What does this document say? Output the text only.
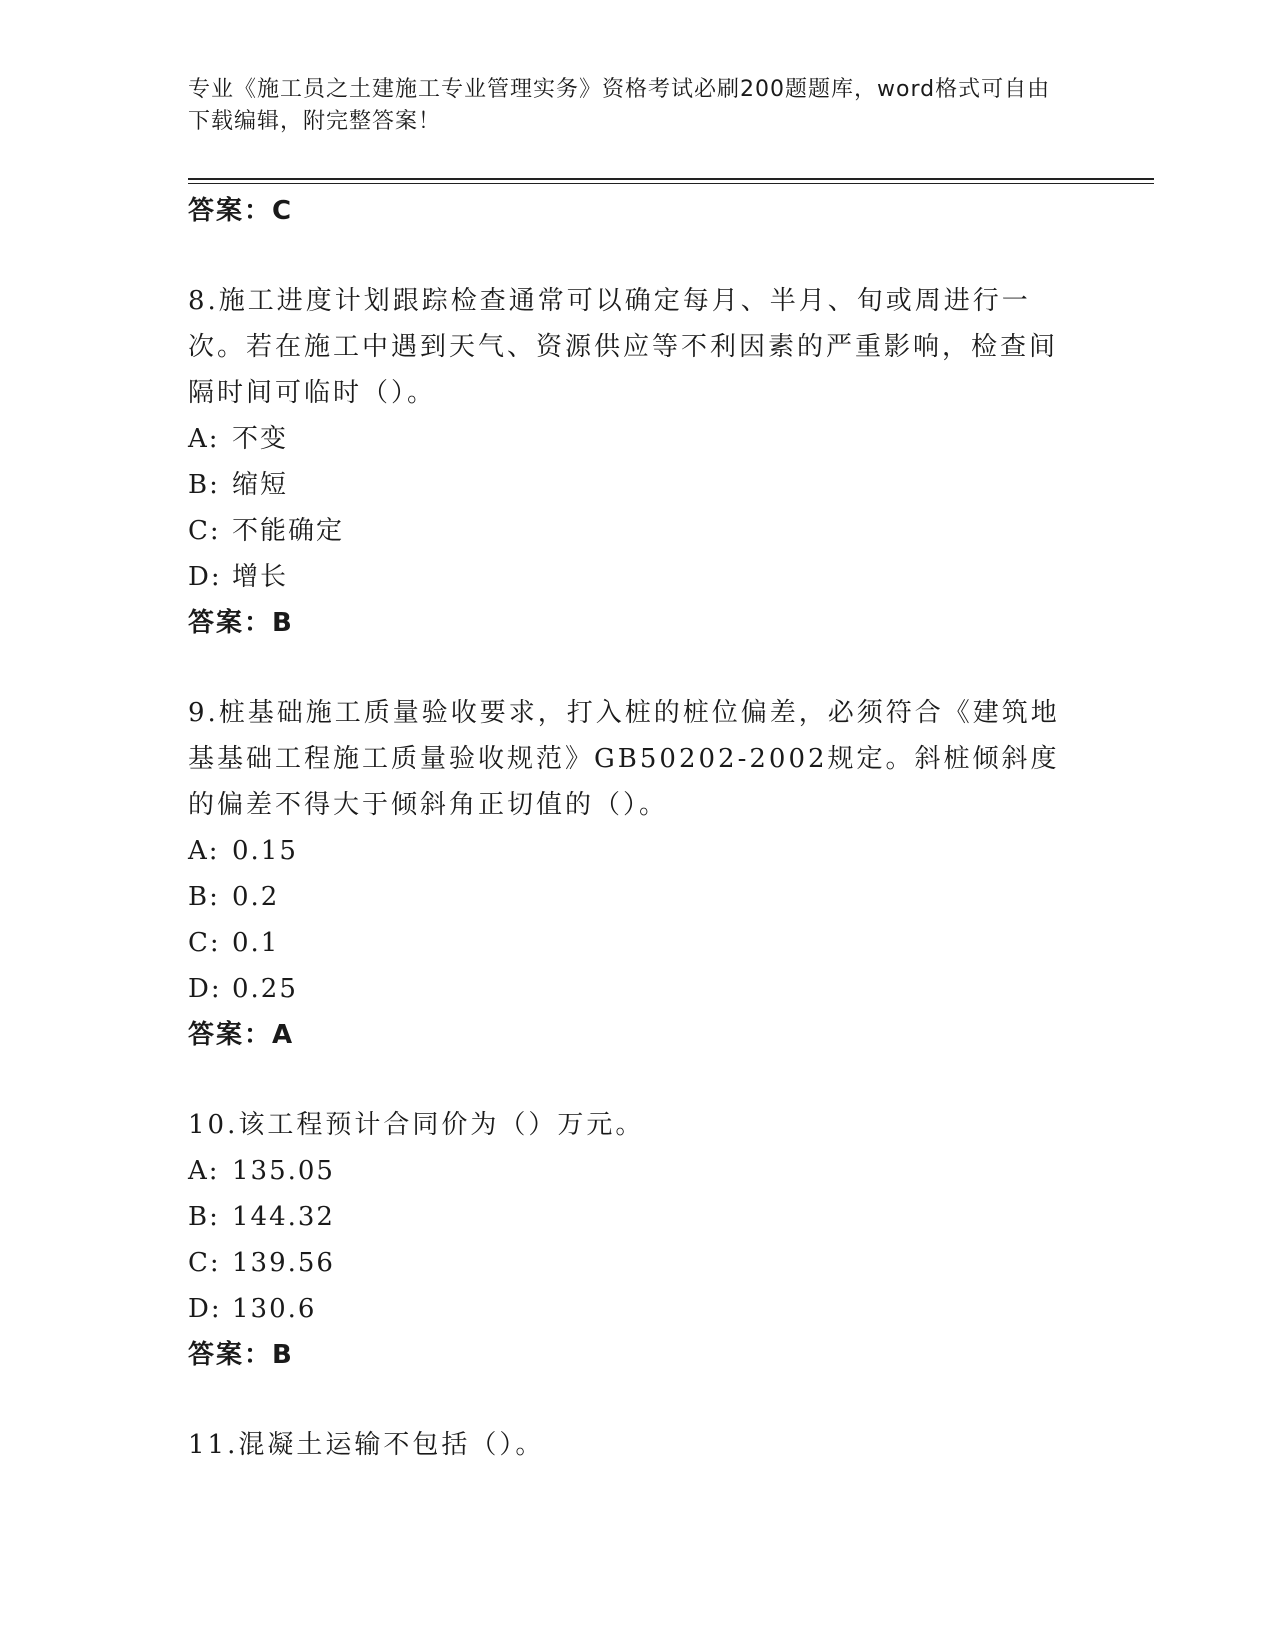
专业《施工员之土建施工专业管理实务》资格考试必刷200题题库，word格式可自由下载编辑，附完整答案！
答案：C
8.施工进度计划跟踪检查通常可以确定每月、半月、旬或周进行一次。若在施工中遇到天气、资源供应等不利因素的严重影响，检查间隔时间可临时（）。
A: 不变
B: 缩短
C: 不能确定
D: 增长
答案：B
9.桩基础施工质量验收要求，打入桩的桩位偏差，必须符合《建筑地基基础工程施工质量验收规范》GB50202-2002规定。斜桩倾斜度的偏差不得大于倾斜角正切值的（）。
A: 0.15
B: 0.2
C: 0.1
D: 0.25
答案：A
10.该工程预计合同价为（）万元。
A: 135.05
B: 144.32
C: 139.56
D: 130.6
答案：B
11.混凝土运输不包括（）。
